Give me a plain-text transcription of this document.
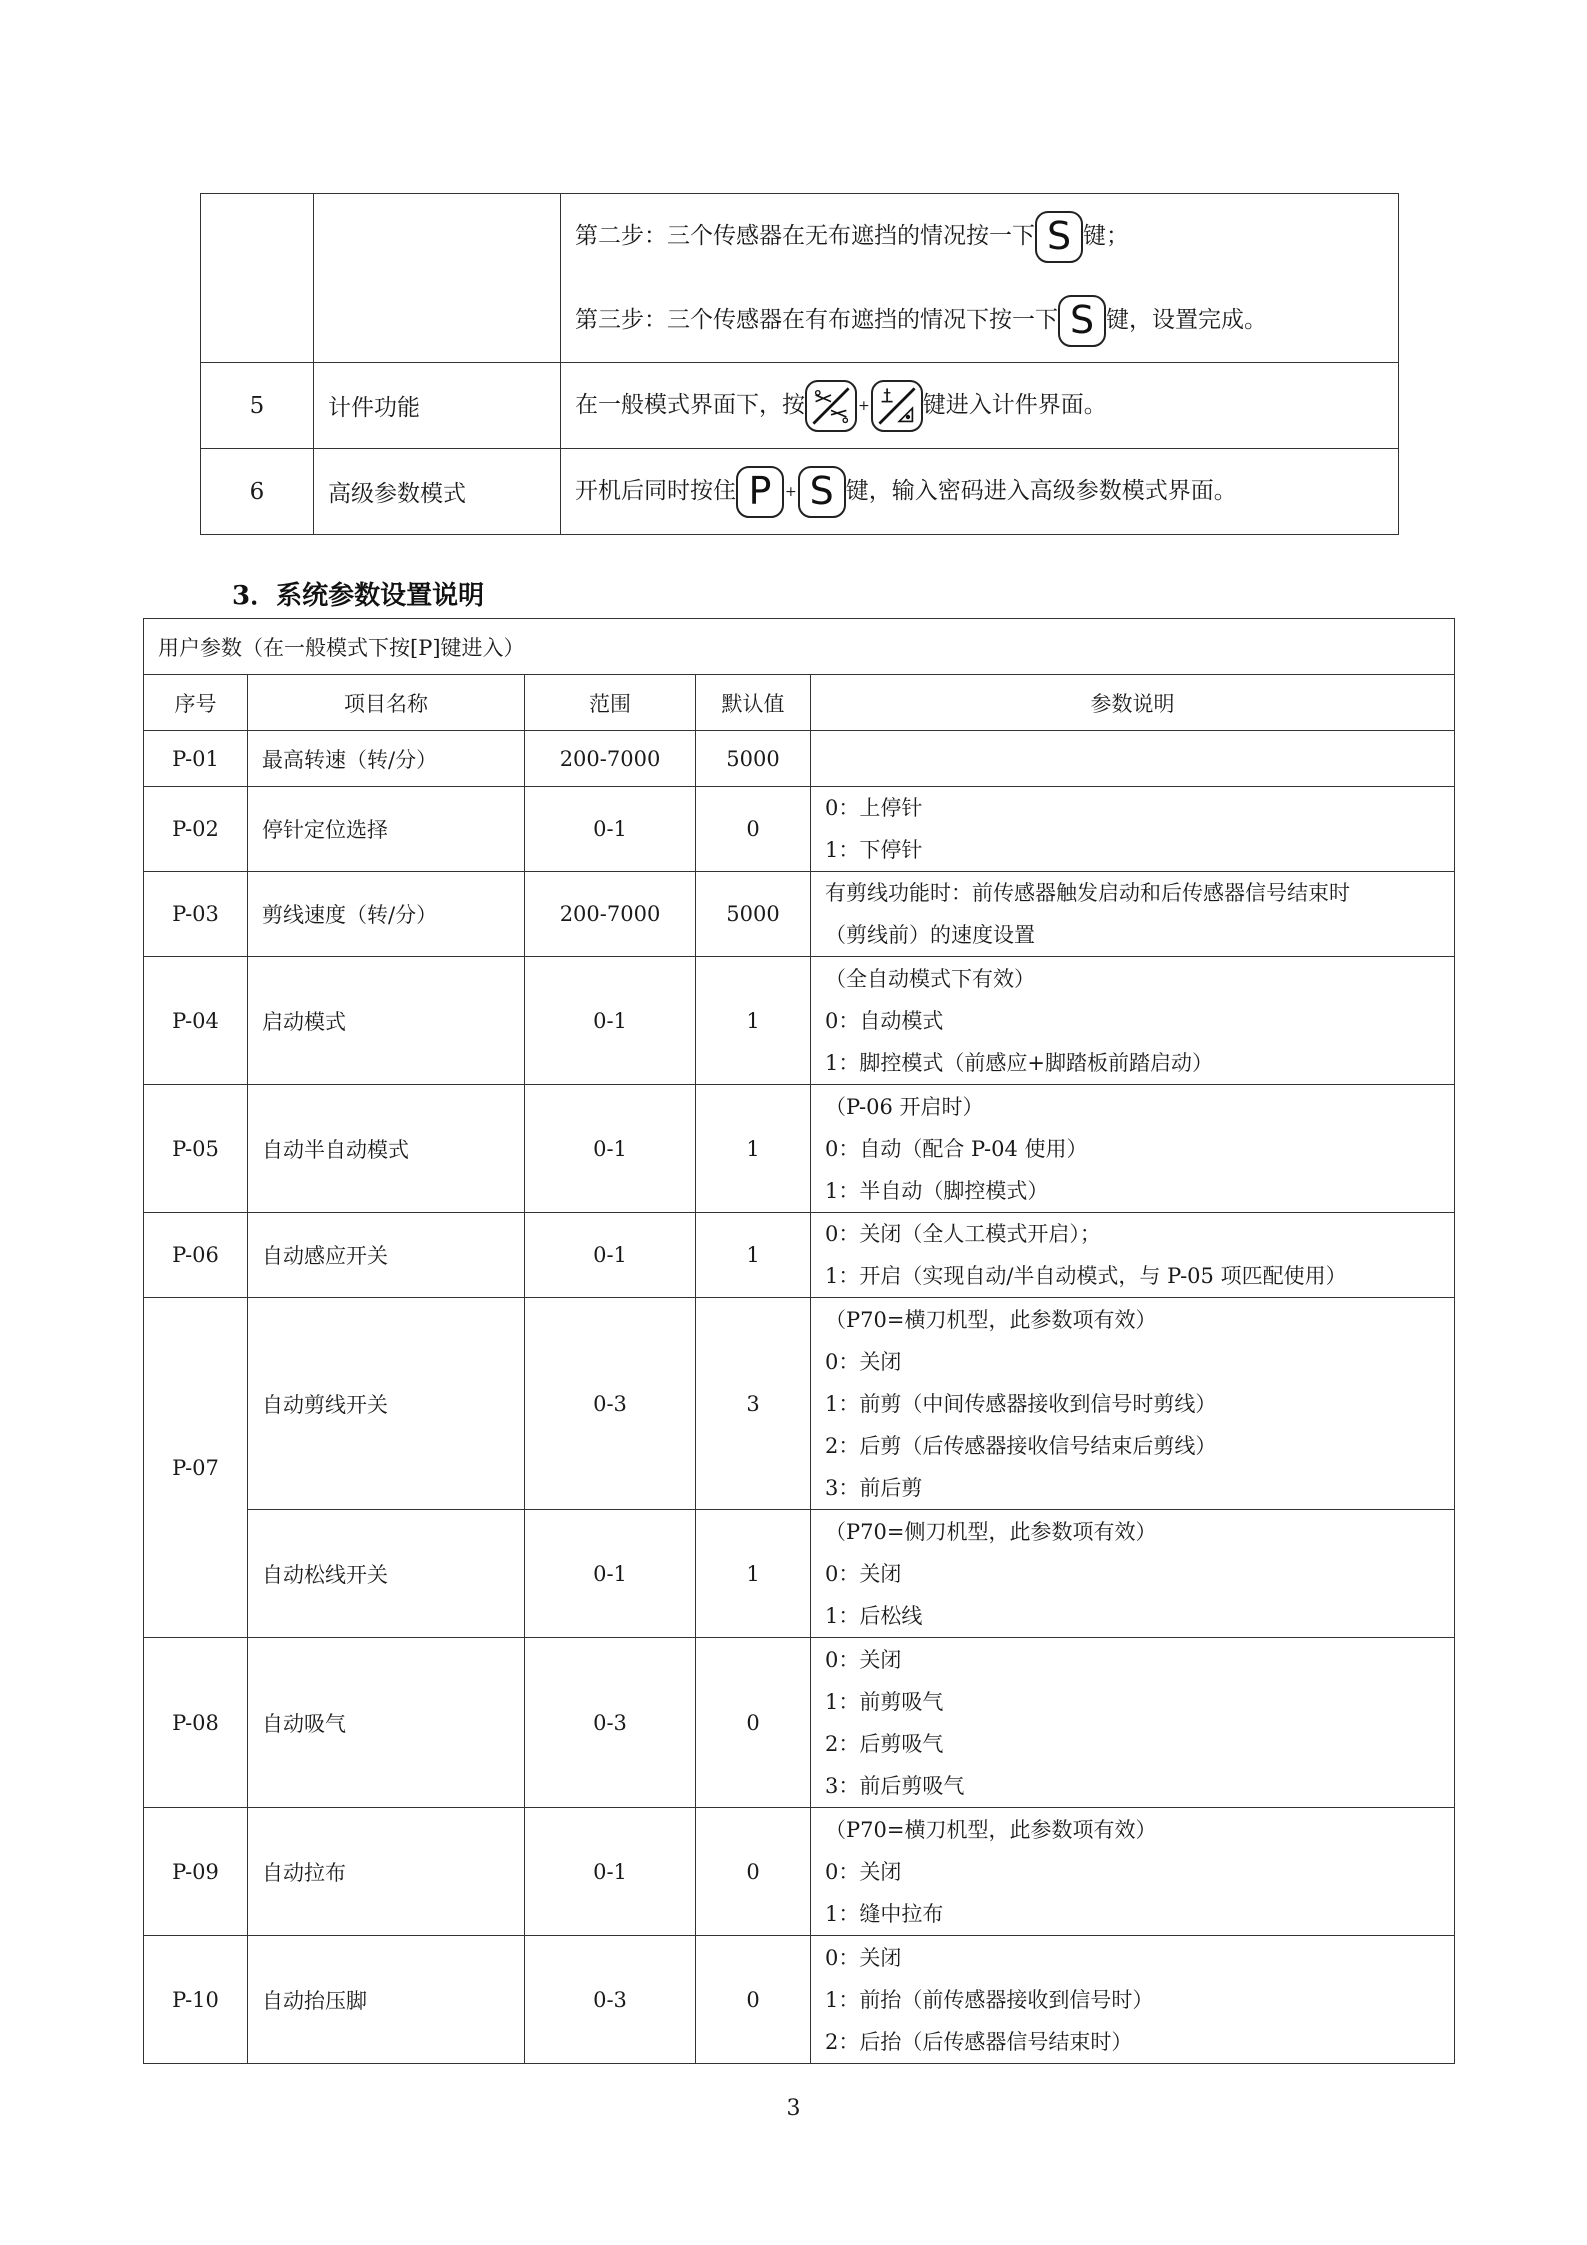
		第二步：三个传感器在无布遮挡的情况按一下 S 键；
第三步：三个传感器在有布遮挡的情况下按一下 S 键，设置完成。

5	计件功能	在一般模式界面下，按 + 键进入计件界面。
6	高级参数模式	开机后同时按住 P + S 键，输入密码进入高级参数模式界面。
3．系统参数设置说明
用户参数（在一般模式下按[P]键进入）				
序号	项目名称	范围	默认值	参数说明
P-01	最高转速（转/分）	200-7000	5000	
P-02	停针定位选择	0-1	0	0：上停针
1：下停针

P-03	剪线速度（转/分）	200-7000	5000	有剪线功能时：前传感器触发启动和后传感器信号结束时
（剪线前）的速度设置

P-04	启动模式	0-1	1	（全自动模式下有效）
0：自动模式
1：脚控模式（前感应+脚踏板前踏启动）

P-05	自动半自动模式	0-1	1	（P-06 开启时）
0：自动（配合 P-04 使用）
1：半自动（脚控模式）

P-06	自动感应开关	0-1	1	0：关闭（全人工模式开启）；
1：开启（实现自动/半自动模式，与 P-05 项匹配使用）

P-07	自动剪线开关	0-3	3	（P70=横刀机型，此参数项有效）
0：关闭
1：前剪（中间传感器接收到信号时剪线）
2：后剪（后传感器接收信号结束后剪线）
3：前后剪

	自动松线开关	0-1	1	（P70=侧刀机型，此参数项有效）
0：关闭
1：后松线

P-08	自动吸气	0-3	0	0：关闭
1：前剪吸气
2：后剪吸气
3：前后剪吸气

P-09	自动拉布	0-1	0	（P70=横刀机型，此参数项有效）
0：关闭
1：缝中拉布

P-10	自动抬压脚	0-3	0	0：关闭
1：前抬（前传感器接收到信号时）
2：后抬（后传感器信号结束时）
3
